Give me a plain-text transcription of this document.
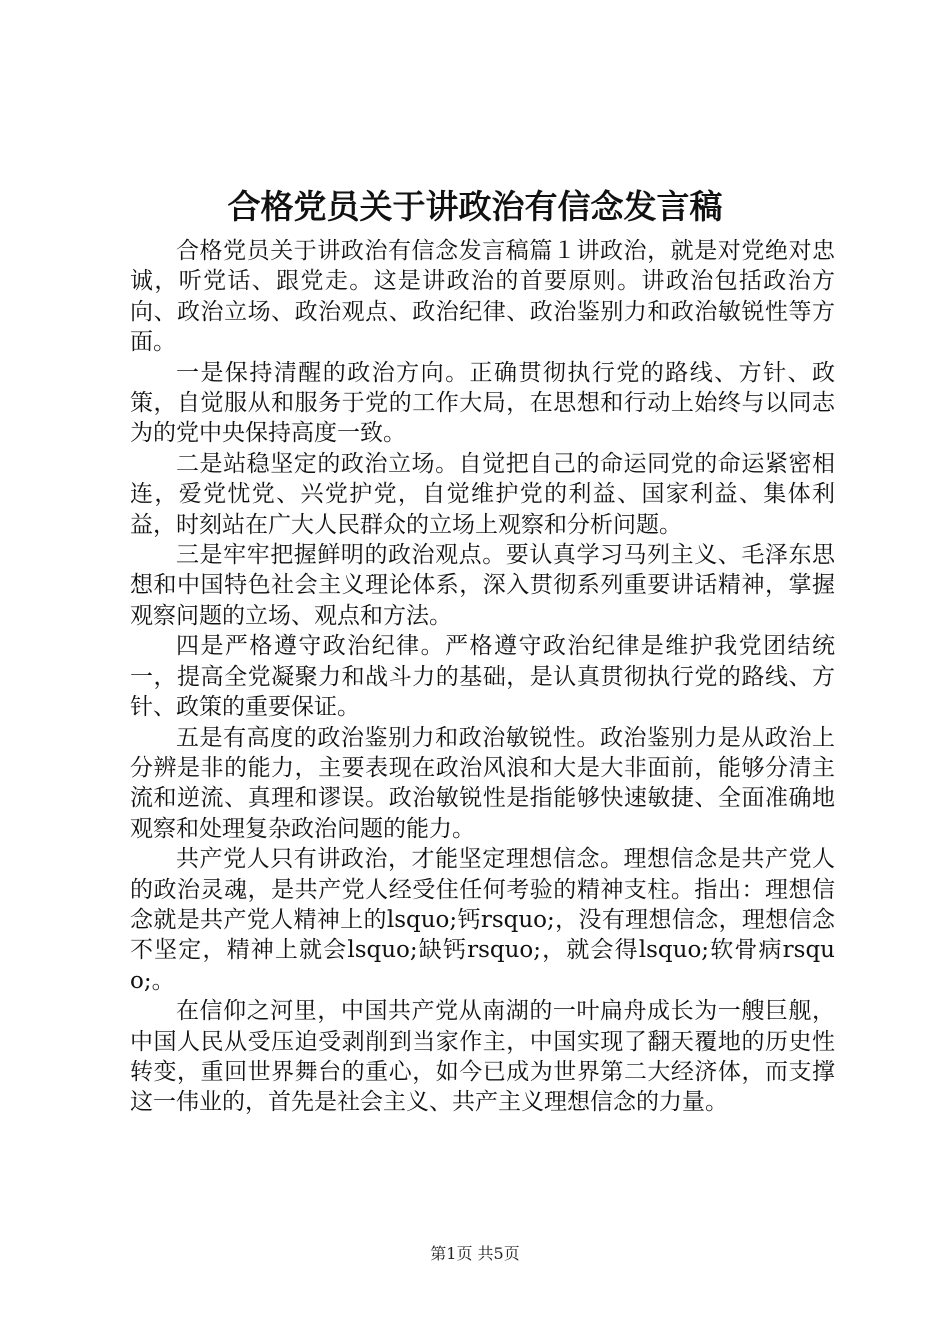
合格党员关于讲政治有信念发言稿

合格党员关于讲政治有信念发言稿篇１讲政治，就是对党绝对忠诚，听党话、跟党走。这是讲政治的首要原则。讲政治包括政治方向、政治立场、政治观点、政治纪律、政治鉴别力和政治敏锐性等方面。

一是保持清醒的政治方向。正确贯彻执行党的路线、方针、政策，自觉服从和服务于党的工作大局，在思想和行动上始终与以同志为的党中央保持高度一致。

二是站稳坚定的政治立场。自觉把自己的命运同党的命运紧密相连，爱党忧党、兴党护党，自觉维护党的利益、国家利益、集体利益，时刻站在广大人民群众的立场上观察和分析问题。

三是牢牢把握鲜明的政治观点。要认真学习马列主义、毛泽东思想和中国特色社会主义理论体系，深入贯彻系列重要讲话精神，掌握观察问题的立场、观点和方法。

四是严格遵守政治纪律。严格遵守政治纪律是维护我党团结统一，提高全党凝聚力和战斗力的基础，是认真贯彻执行党的路线、方针、政策的重要保证。

五是有高度的政治鉴别力和政治敏锐性。政治鉴别力是从政治上分辨是非的能力，主要表现在政治风浪和大是大非面前，能够分清主流和逆流、真理和谬误。政治敏锐性是指能够快速敏捷、全面准确地观察和处理复杂政治问题的能力。

共产党人只有讲政治，才能坚定理想信念。理想信念是共产党人的政治灵魂，是共产党人经受住任何考验的精神支柱。指出：理想信念就是共产党人精神上的lsquo;钙rsquo;，没有理想信念，理想信念不坚定，精神上就会lsquo;缺钙rsquo;，就会得lsquo;软骨病rsquo;。

在信仰之河里，中国共产党从南湖的一叶扁舟成长为一艘巨舰，中国人民从受压迫受剥削到当家作主，中国实现了翻天覆地的历史性转变，重回世界舞台的重心，如今已成为世界第二大经济体，而支撑这一伟业的，首先是社会主义、共产主义理想信念的力量。

第1页 共5页
